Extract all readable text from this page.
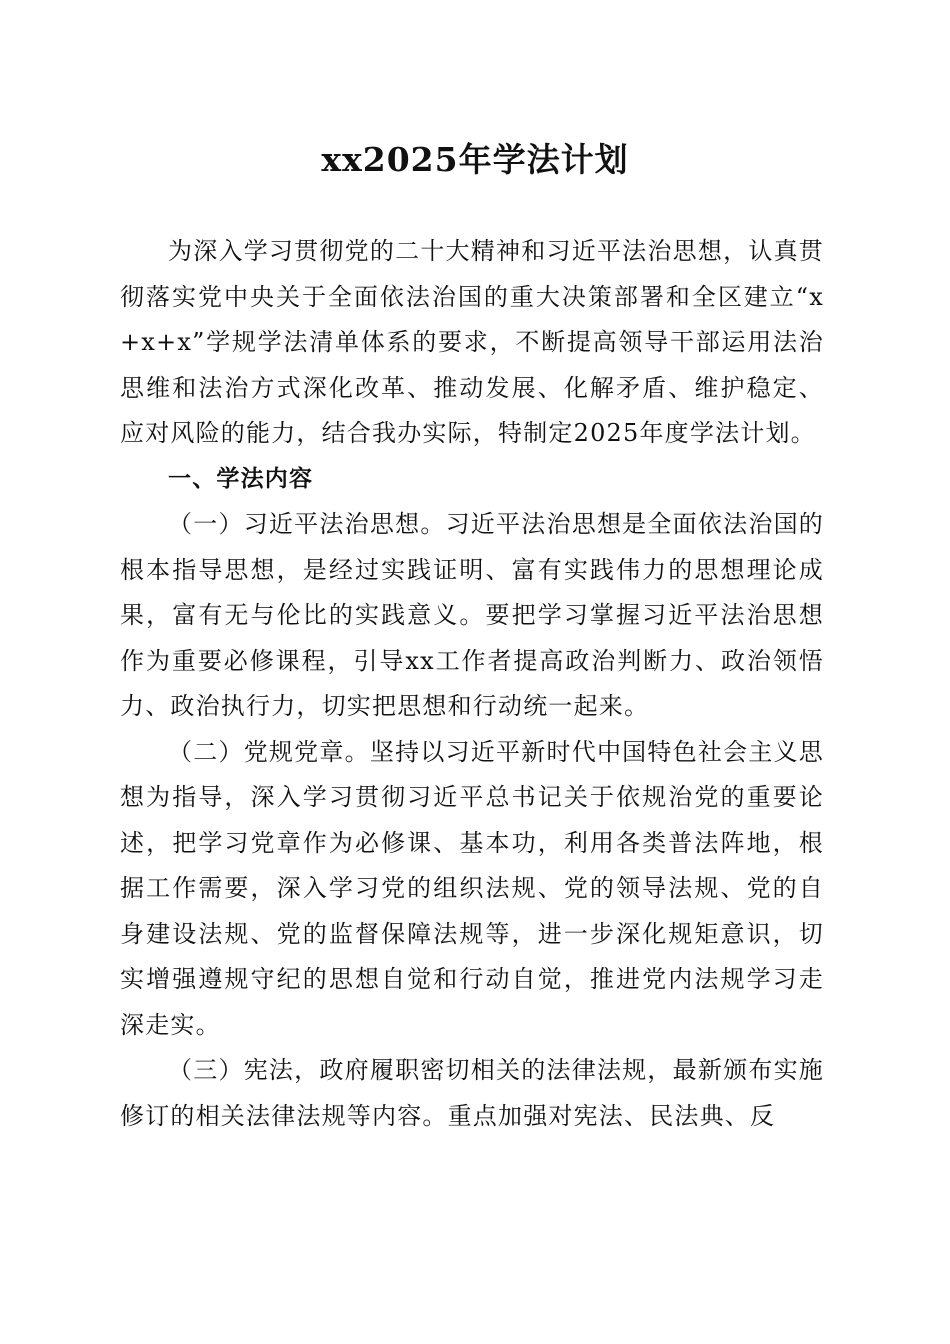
xx2025年学法计划

为深入学习贯彻党的二十大精神和习近平法治思想，认真贯彻落实党中央关于全面依法治国的重大决策部署和全区建立“x+x+x”学规学法清单体系的要求，不断提高领导干部运用法治思维和法治方式深化改革、推动发展、化解矛盾、维护稳定、应对风险的能力，结合我办实际，特制定2025年度学法计划。

一、学法内容

（一）习近平法治思想。习近平法治思想是全面依法治国的根本指导思想，是经过实践证明、富有实践伟力的思想理论成果，富有无与伦比的实践意义。要把学习掌握习近平法治思想作为重要必修课程，引导xx工作者提高政治判断力、政治领悟力、政治执行力，切实把思想和行动统一起来。

（二）党规党章。坚持以习近平新时代中国特色社会主义思想为指导，深入学习贯彻习近平总书记关于依规治党的重要论述，把学习党章作为必修课、基本功，利用各类普法阵地，根据工作需要，深入学习党的组织法规、党的领导法规、党的自身建设法规、党的监督保障法规等，进一步深化规矩意识，切实增强遵规守纪的思想自觉和行动自觉，推进党内法规学习走深走实。

（三）宪法，政府履职密切相关的法律法规，最新颁布实施修订的相关法律法规等内容。重点加强对宪法、民法典、反
